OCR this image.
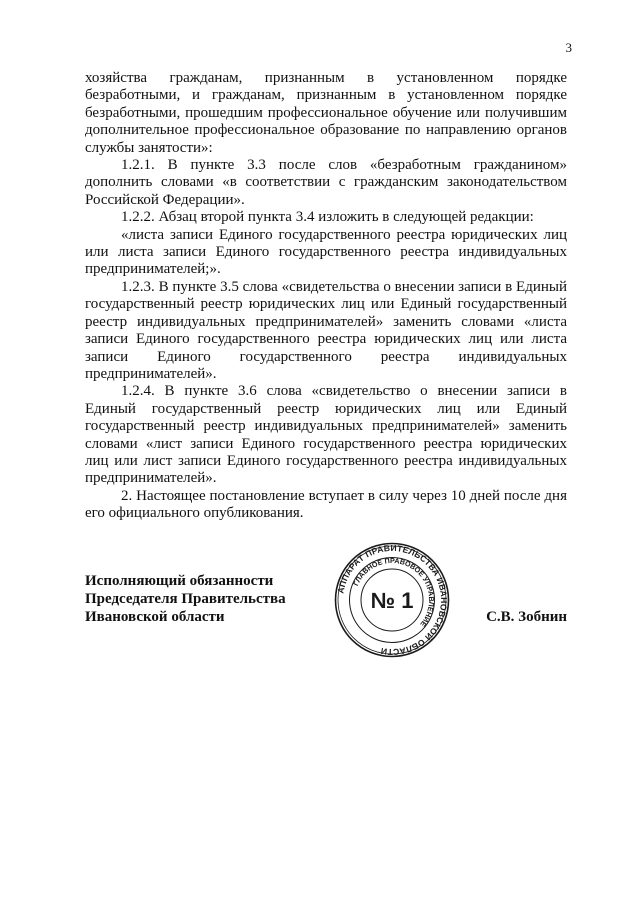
3

хозяйства гражданам, признанным в установленном порядке безработными, и гражданам, признанным в установленном порядке безработными, прошедшим профессиональное обучение или получившим дополнительное профессиональное образование по направлению органов службы занятости»:

1.2.1. В пункте 3.3 после слов «безработным гражданином» дополнить словами «в соответствии с гражданским законодательством Российской Федерации».

1.2.2. Абзац второй пункта 3.4 изложить в следующей редакции:

«листа записи Единого государственного реестра юридических лиц или листа записи Единого государственного реестра индивидуальных предпринимателей;».

1.2.3. В пункте 3.5 слова «свидетельства о внесении записи в Единый государственный реестр юридических лиц или Единый государственный реестр индивидуальных предпринимателей» заменить словами «листа записи Единого государственного реестра юридических лиц или листа записи Единого государственного реестра индивидуальных предпринимателей».

1.2.4. В пункте 3.6 слова «свидетельство о внесении записи в Единый государственный реестр юридических лиц или Единый государственный реестр индивидуальных предпринимателей» заменить словами «лист записи Единого государственного реестра юридических лиц или лист записи Единого государственного реестра индивидуальных предпринимателей».

2. Настоящее постановление вступает в силу через 10 дней после дня его официального опубликования.

Исполняющий обязанности
Председателя Правительства
Ивановской области
АППАРАТ ПРАВИТЕЛЬСТВА ИВАНОВСКОЙ ОБЛАСТИ
ГЛАВНОЕ ПРАВОВОЕ УПРАВЛЕНИЕ
№ 1
С.В. Зобнин
